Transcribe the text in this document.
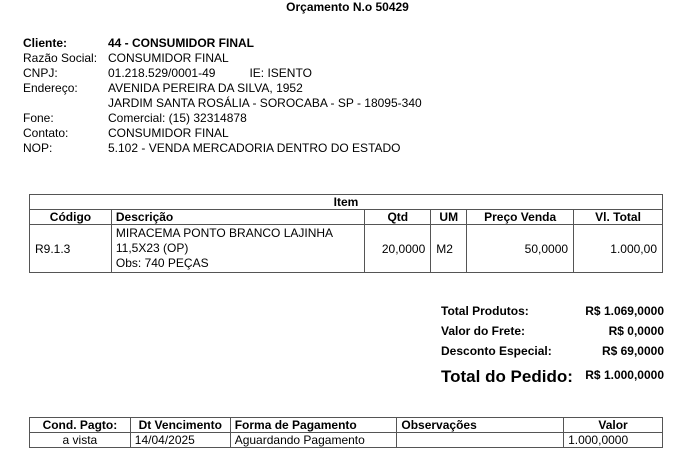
Orçamento N.o 50429
Cliente:	44 - CONSUMIDOR FINAL
Razão Social: CONSUMIDOR FINAL
CNPJ:	01.218.529/0001-49	IE: ISENTO
Endereço:	AVENIDA PEREIRA DA SILVA, 1952
JARDIM SANTA ROSÁLIA - SOROCABA - SP - 18095-340
Fone:	Comercial: (15) 32314878
Contato:	CONSUMIDOR FINAL
NOP:	5.102 - VENDA MERCADORIA DENTRO DO ESTADO
Item					
Código	Descrição	Qtd	UM	Preço Venda	Vl. Total
R9.1.3	MIRACEMA PONTO BRANCO LAJINHA
11,5X23 (OP)
Obs: 740 PEÇAS	20,0000	M2	50,0000	1.000,00
Total Produtos:	R$ 1.069,0000
Valor do Frete:	R$ 0,0000
Desconto Especial:	R$ 69,0000
Total do Pedido: R$ 1.000,0000
Cond. Pagto:	Dt Vencimento	Forma de Pagamento	Observações	Valor
a vista	14/04/2025	Aguardando Pagamento		1.000,0000
